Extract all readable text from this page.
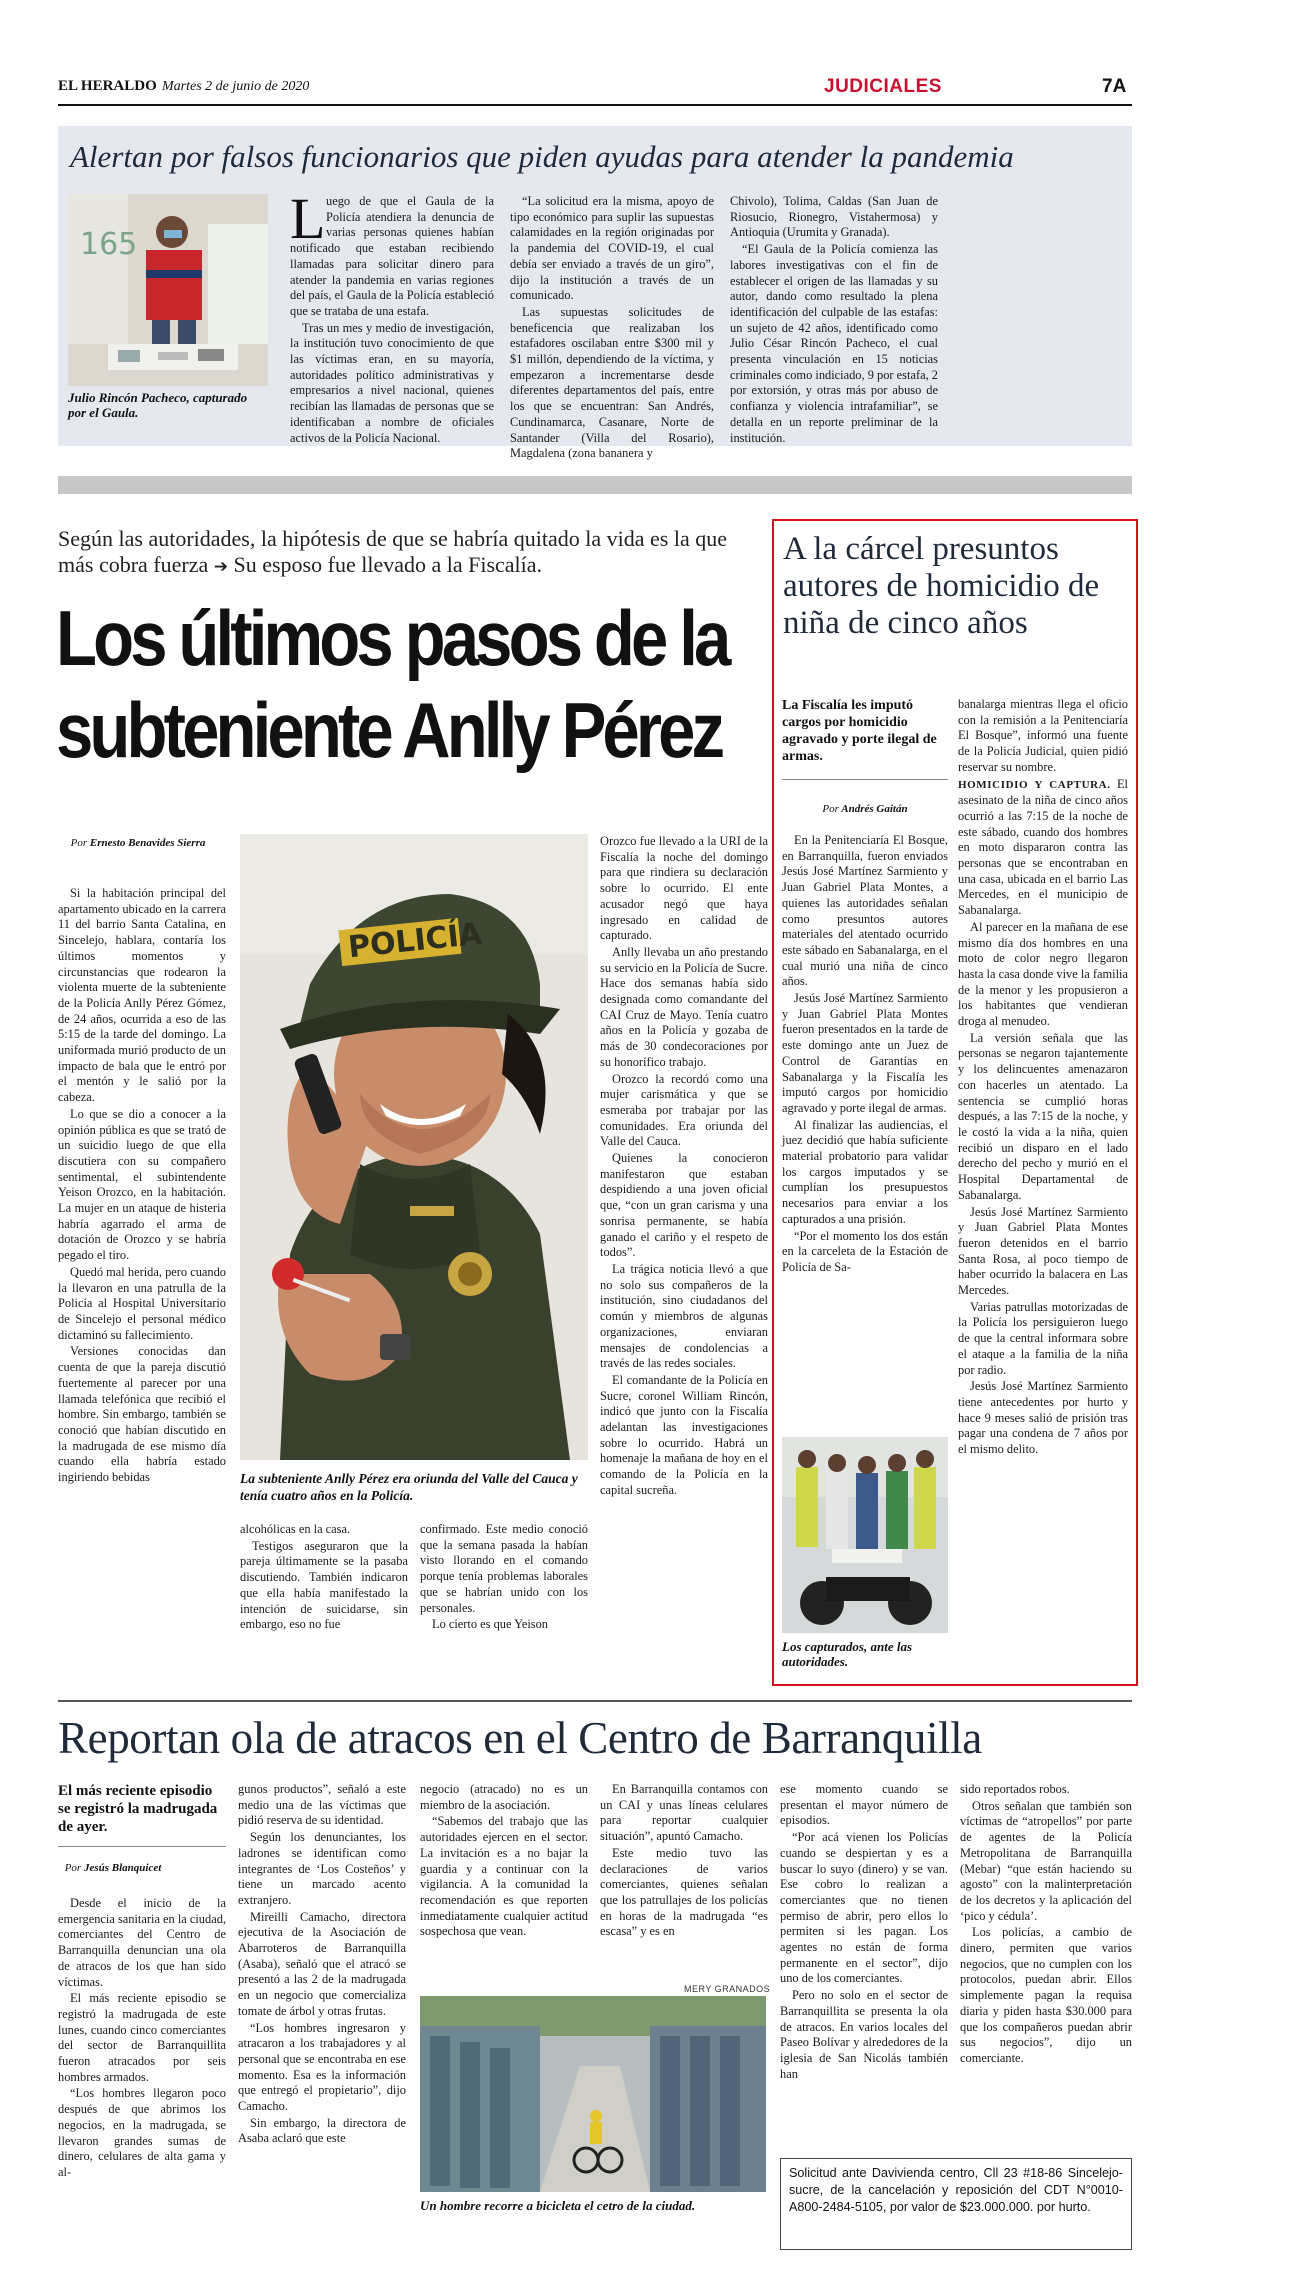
EL HERALDO Martes 2 de junio de 2020	JUDICIALES	7A
Alertan por falsos funcionarios que piden ayudas para atender la pandemia
165
Julio Rincón Pacheco, capturado por el Gaula.
L uego de que el Gaula de la Policía atendiera la denuncia de varias personas quienes habían notificado que estaban recibiendo llamadas para solicitar dinero para atender la pandemia en varias regiones del país, el Gaula de la Policía estableció que se trataba de una estafa.

Tras un mes y medio de investigación, la institución tuvo conocimiento de que las víctimas eran, en su mayoría, autoridades político administrativas y empresarios a nivel nacional, quienes recibían las llamadas de personas que se identificaban a nombre de oficiales activos de la Policía Nacional.

“La solicitud era la misma, apoyo de tipo económico para suplir las supuestas calamidades en la región originadas por la pandemia del COVID-19, el cual debía ser enviado a través de un giro”, dijo la institución a través de un comunicado.

Las supuestas solicitudes de beneficencia que realizaban los estafadores oscilaban entre $300 mil y $1 millón, dependiendo de la víctima, y empezaron a incrementarse desde diferentes departamentos del país, entre los que se encuentran: San Andrés, Cundinamarca, Casanare, Norte de Santander (Villa del Rosario), Magdalena (zona bananera y

Chivolo), Tolima, Caldas (San Juan de Riosucio, Rionegro, Vistahermosa) y Antioquia (Urumita y Granada).

“El Gaula de la Policía comienza las labores investigativas con el fin de establecer el origen de las llamadas y su autor, dando como resultado la plena identificación del culpable de las estafas: un sujeto de 42 años, identificado como Julio César Rincón Pacheco, el cual presenta vinculación en 15 noticias criminales como indiciado, 9 por estafa, 2 por extorsión, y otras más por abuso de confianza y violencia intrafamiliar”, se detalla en un reporte preliminar de la institución.

Según las autoridades, la hipótesis de que se habría quitado la vida es la que más cobra fuerza ➔ Su esposo fue llevado a la Fiscalía.
Los últimos pasos de la
subteniente Anlly Pérez
Por Ernesto Benavides Sierra

Si la habitación principal del apartamento ubicado en la carrera 11 del barrio Santa Catalina, en Sincelejo, hablara, contaría los últimos momentos y circunstancias que rodearon la violenta muerte de la subteniente de la Policía Anlly Pérez Gómez, de 24 años, ocurrida a eso de las 5:15 de la tarde del domingo. La uniformada murió producto de un impacto de bala que le entró por el mentón y le salió por la cabeza.

Lo que se dio a conocer a la opinión pública es que se trató de un suicidio luego de que ella discutiera con su compañero sentimental, el subintendente Yeison Orozco, en la habitación. La mujer en un ataque de histeria habría agarrado el arma de dotación de Orozco y se habría pegado el tiro.

Quedó mal herida, pero cuando la llevaron en una patrulla de la Policía al Hospital Universitario de Sincelejo el personal médico dictaminó su fallecimiento.

Versiones conocidas dan cuenta de que la pareja discutió fuertemente al parecer por una llamada telefónica que recibió el hombre. Sin embargo, también se conoció que habían discutido en la madrugada de ese mismo día cuando ella habría estado ingiriendo bebidas

POLICÍA
La subteniente Anlly Pérez era oriunda del Valle del Cauca y tenía cuatro años en la Policía.

alcohólicas en la casa.

Testigos aseguraron que la pareja últimamente se la pasaba discutiendo. También indicaron que ella había manifestado la intención de suicidarse, sin embargo, eso no fue

confirmado. Este medio conoció que la semana pasada la habían visto llorando en el comando porque tenía problemas laborales que se habrían unido con los personales.

Lo cierto es que Yeison

Orozco fue llevado a la URI de la Fiscalía la noche del domingo para que rindiera su declaración sobre lo ocurrido. El ente acusador negó que haya ingresado en calidad de capturado.

Anlly llevaba un año prestando su servicio en la Policía de Sucre. Hace dos semanas había sido designada como comandante del CAI Cruz de Mayo. Tenía cuatro años en la Policía y gozaba de más de 30 condecoraciones por su honorífico trabajo.

Orozco la recordó como una mujer carismática y que se esmeraba por trabajar por las comunidades. Era oriunda del Valle del Cauca.

Quienes la conocieron manifestaron que estaban despidiendo a una joven oficial que, “con un gran carisma y una sonrisa permanente, se había ganado el cariño y el respeto de todos”.

La trágica noticia llevó a que no solo sus compañeros de la institución, sino ciudadanos del común y miembros de algunas organizaciones, enviaran mensajes de condolencias a través de las redes sociales.

El comandante de la Policía en Sucre, coronel William Rincón, indicó que junto con la Fiscalía adelantan las investigaciones sobre lo ocurrido. Habrá un homenaje la mañana de hoy en el comando de la Policía en la capital sucreña.

A la cárcel presuntos autores de homicidio de niña de cinco años
La Fiscalía les imputó cargos por homicidio agravado y porte ilegal de armas.
Por Andrés Gaitán

En la Penitenciaría El Bosque, en Barranquilla, fueron enviados Jesús José Martínez Sarmiento y Juan Gabriel Plata Montes, a quienes las autoridades señalan como presuntos autores materiales del atentado ocurrido este sábado en Sabanalarga, en el cual murió una niña de cinco años.

Jesús José Martínez Sarmiento y Juan Gabriel Plata Montes fueron presentados en la tarde de este domingo ante un Juez de Control de Garantías en Sabanalarga y la Fiscalía les imputó cargos por homicidio agravado y porte ilegal de armas.

Al finalizar las audiencias, el juez decidió que había suficiente material probatorio para validar los cargos imputados y se cumplían los presupuestos necesarios para enviar a los capturados a una prisión.

“Por el momento los dos están en la carceleta de la Estación de Policía de Sa-

Los capturados, ante las autoridades.

banalarga mientras llega el oficio con la remisión a la Penitenciaría El Bosque”, informó una fuente de la Policía Judicial, quien pidió reservar su nombre.

HOMICIDIO Y CAPTURA. El asesinato de la niña de cinco años ocurrió a las 7:15 de la noche de este sábado, cuando dos hombres en moto dispararon contra las personas que se encontraban en una casa, ubicada en el barrio Las Mercedes, en el municipio de Sabanalarga.

Al parecer en la mañana de ese mismo día dos hombres en una moto de color negro llegaron hasta la casa donde vive la familia de la menor y les propusieron a los habitantes que vendieran droga al menudeo.

La versión señala que las personas se negaron tajantemente y los delincuentes amenazaron con hacerles un atentado. La sentencia se cumplió horas después, a las 7:15 de la noche, y le costó la vida a la niña, quien recibió un disparo en el lado derecho del pecho y murió en el Hospital Departamental de Sabanalarga.

Jesús José Martínez Sarmiento y Juan Gabriel Plata Montes fueron detenidos en el barrio Santa Rosa, al poco tiempo de haber ocurrido la balacera en Las Mercedes.

Varias patrullas motorizadas de la Policía los persiguieron luego de que la central informara sobre el ataque a la familia de la niña por radio.

Jesús José Martínez Sarmiento tiene antecedentes por hurto y hace 9 meses salió de prisión tras pagar una condena de 7 años por el mismo delito.

Reportan ola de atracos en el Centro de Barranquilla
El más reciente episodio se registró la madrugada de ayer.
Por Jesús Blanquicet

Desde el inicio de la emergencia sanitaria en la ciudad, comerciantes del Centro de Barranquilla denuncian una ola de atracos de los que han sido víctimas.

El más reciente episodio se registró la madrugada de este lunes, cuando cinco comerciantes del sector de Barranquillita fueron atracados por seis hombres armados.

“Los hombres llegaron poco después de que abrimos los negocios, en la madrugada, se llevaron grandes sumas de dinero, celulares de alta gama y al-

gunos productos”, señaló a este medio una de las víctimas que pidió reserva de su identidad.

Según los denunciantes, los ladrones se identifican como integrantes de ‘Los Costeños’ y tiene un marcado acento extranjero.

Mireilli Camacho, directora ejecutiva de la Asociación de Abarroteros de Barranquilla (Asaba), señaló que el atracó se presentó a las 2 de la madrugada en un negocio que comercializa tomate de árbol y otras frutas.

“Los hombres ingresaron y atracaron a los trabajadores y al personal que se encontraba en ese momento. Esa es la información que entregó el propietario”, dijo Camacho.

Sin embargo, la directora de Asaba aclaró que este

negocio (atracado) no es un miembro de la asociación.

“Sabemos del trabajo que las autoridades ejercen en el sector. La invitación es a no bajar la guardia y a continuar con la vigilancia. A la comunidad la recomendación es que reporten inmediatamente cualquier actitud sospechosa que vean.

En Barranquilla contamos con un CAI y unas líneas celulares para reportar cualquier situación”, apuntó Camacho.

Este medio tuvo las declaraciones de varios comerciantes, quienes señalan que los patrullajes de los policías en horas de la madrugada “es escasa” y es en

ese momento cuando se presentan el mayor número de episodios.

“Por acá vienen los Policías cuando se despiertan y es a buscar lo suyo (dinero) y se van. Ese cobro lo realizan a comerciantes que no tienen permiso de abrir, pero ellos lo permiten si les pagan. Los agentes no están de forma permanente en el sector”, dijo uno de los comerciantes.

Pero no solo en el sector de Barranquillita se presenta la ola de atracos. En varios locales del Paseo Bolívar y alrededores de la iglesia de San Nicolás también han

sido reportados robos.

Otros señalan que también son víctimas de “atropellos” por parte de agentes de la Policía Metropolitana de Barranquilla (Mebar) “que están haciendo su agosto” con la malinterpretación de los decretos y la aplicación del ‘pico y cédula’.

Los policías, a cambio de dinero, permiten que varios negocios, que no cumplen con los protocolos, puedan abrir. Ellos simplemente pagan la requisa diaria y piden hasta $30.000 para que los compañeros puedan abrir sus negocios”, dijo un comerciante.

MERY GRANADOS
Un hombre recorre a bicicleta el cetro de la ciudad.
Solicitud ante Davivienda centro, Cll 23 #18-86 Sincelejo-sucre, de la cancelación y reposición del CDT N°0010-A800-2484-5105, por valor de $23.000.000. por hurto.
